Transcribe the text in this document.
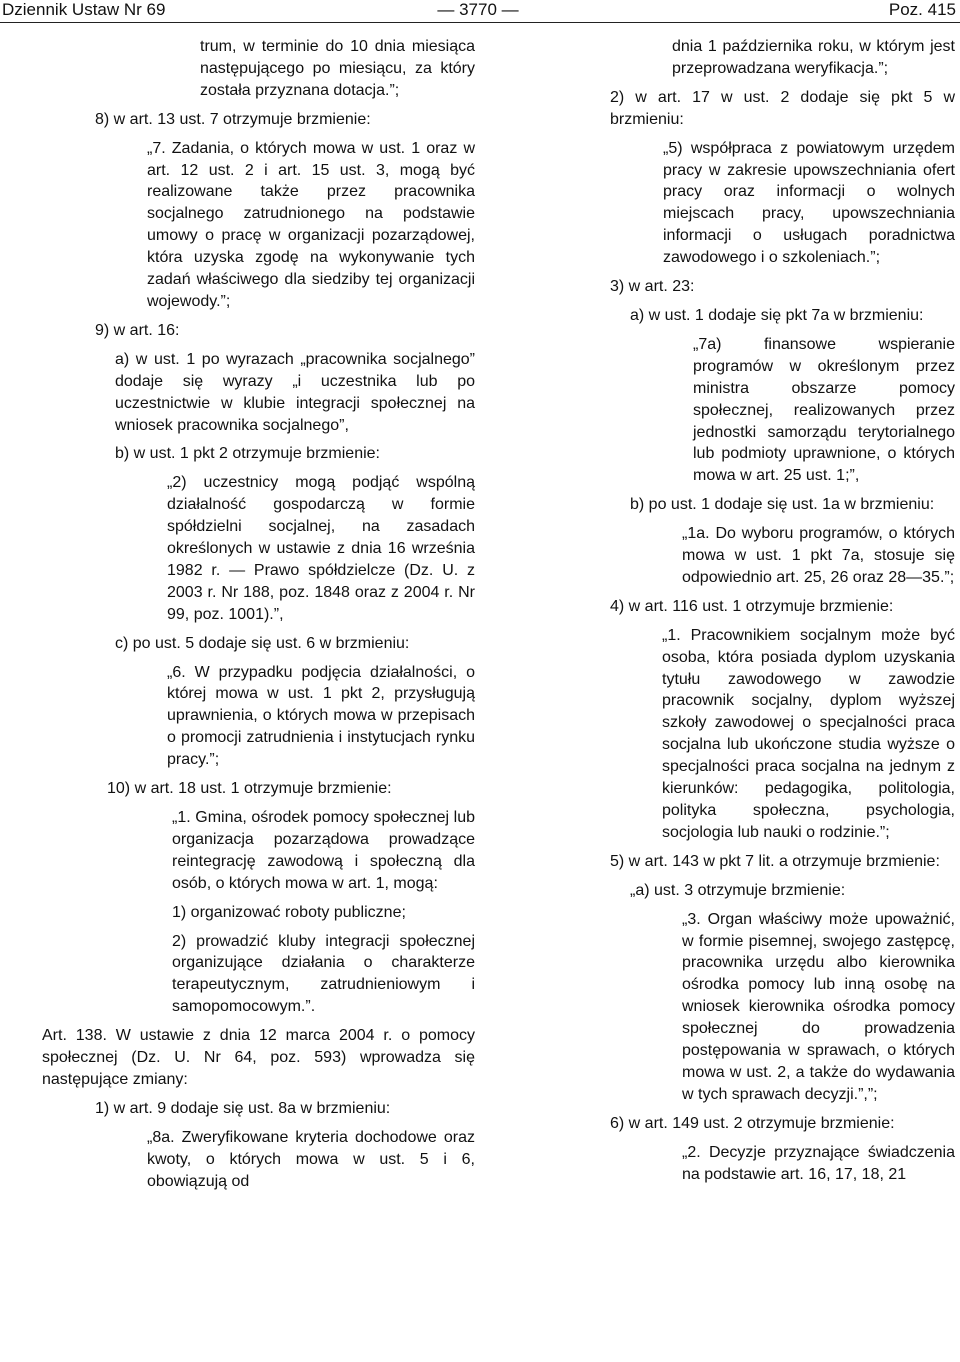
Dziennik Ustaw Nr 69	— 3770 —	Poz. 415

trum, w terminie do 10 dnia miesiąca następującego po miesiącu, za który została przyznana dotacja.”;

8) w art. 13 ust. 7 otrzymuje brzmienie:

„7. Zadania, o których mowa w ust. 1 oraz w art. 12 ust. 2 i art. 15 ust. 3, mogą być realizowane także przez pracownika socjalnego zatrudnionego na podstawie umowy o pracę w organizacji pozarządowej, która uzyska zgodę na wykonywanie tych zadań właściwego dla siedziby tej organizacji wojewody.”;

9) w art. 16:

a) w ust. 1 po wyrazach „pracownika socjalnego” dodaje się wyrazy „i uczestnika lub po uczestnictwie w klubie integracji społecznej na wniosek pracownika socjalnego”,

b) w ust. 1 pkt 2 otrzymuje brzmienie:

„2) uczestnicy mogą podjąć wspólną działalność gospodarczą w formie spółdzielni socjalnej, na zasadach określonych w ustawie z dnia 16 września 1982 r. — Prawo spółdzielcze (Dz. U. z 2003 r. Nr 188, poz. 1848 oraz z 2004 r. Nr 99, poz. 1001).”,

c) po ust. 5 dodaje się ust. 6 w brzmieniu:

„6. W przypadku podjęcia działalności, o której mowa w ust. 1 pkt 2, przysługują uprawnienia, o których mowa w przepisach o promocji zatrudnienia i instytucjach rynku pracy.”;

10) w art. 18 ust. 1 otrzymuje brzmienie:

„1. Gmina, ośrodek pomocy społecznej lub organizacja pozarządowa prowadzące reintegrację zawodową i społeczną dla osób, o których mowa w art. 1, mogą:

1) organizować roboty publiczne;

2) prowadzić kluby integracji społecznej organizujące działania o charakterze terapeutycznym, zatrudnieniowym i samopomocowym.”.

Art. 138. W ustawie z dnia 12 marca 2004 r. o pomocy społecznej (Dz. U. Nr 64, poz. 593) wprowadza się następujące zmiany:

1) w art. 9 dodaje się ust. 8a w brzmieniu:

„8a. Zweryfikowane kryteria dochodowe oraz kwoty, o których mowa w ust. 5 i 6, obowiązują od

dnia 1 października roku, w którym jest przeprowadzana weryfikacja.”;

2) w art. 17 w ust. 2 dodaje się pkt 5 w brzmieniu:

„5) współpraca z powiatowym urzędem pracy w zakresie upowszechniania ofert pracy oraz informacji o wolnych miejscach pracy, upowszechniania informacji o usługach poradnictwa zawodowego i o szkoleniach.”;

3) w art. 23:

a) w ust. 1 dodaje się pkt 7a w brzmieniu:

„7a) finansowe wspieranie programów w określonym przez ministra obszarze pomocy społecznej, realizowanych przez jednostki samorządu terytorialnego lub podmioty uprawnione, o których mowa w art. 25 ust. 1;”,

b) po ust. 1 dodaje się ust. 1a w brzmieniu:

„1a. Do wyboru programów, o których mowa w ust. 1 pkt 7a, stosuje się odpowiednio art. 25, 26 oraz 28—35.”;

4) w art. 116 ust. 1 otrzymuje brzmienie:

„1. Pracownikiem socjalnym może być osoba, która posiada dyplom uzyskania tytułu zawodowego w zawodzie pracownik socjalny, dyplom wyższej szkoły zawodowej o specjalności praca socjalna lub ukończone studia wyższe o specjalności praca socjalna na jednym z kierunków: pedagogika, politologia, polityka społeczna, psychologia, socjologia lub nauki o rodzinie.”;

5) w art. 143 w pkt 7 lit. a otrzymuje brzmienie:

„a) ust. 3 otrzymuje brzmienie:

„3. Organ właściwy może upoważnić, w formie pisemnej, swojego zastępcę, pracownika urzędu albo kierownika ośrodka pomocy lub inną osobę na wniosek kierownika ośrodka pomocy społecznej do prowadzenia postępowania w sprawach, o których mowa w ust. 2, a także do wydawania w tych sprawach decyzji.”,”;

6) w art. 149 ust. 2 otrzymuje brzmienie:

„2. Decyzje przyznające świadczenia na podstawie art. 16, 17, 18, 21
